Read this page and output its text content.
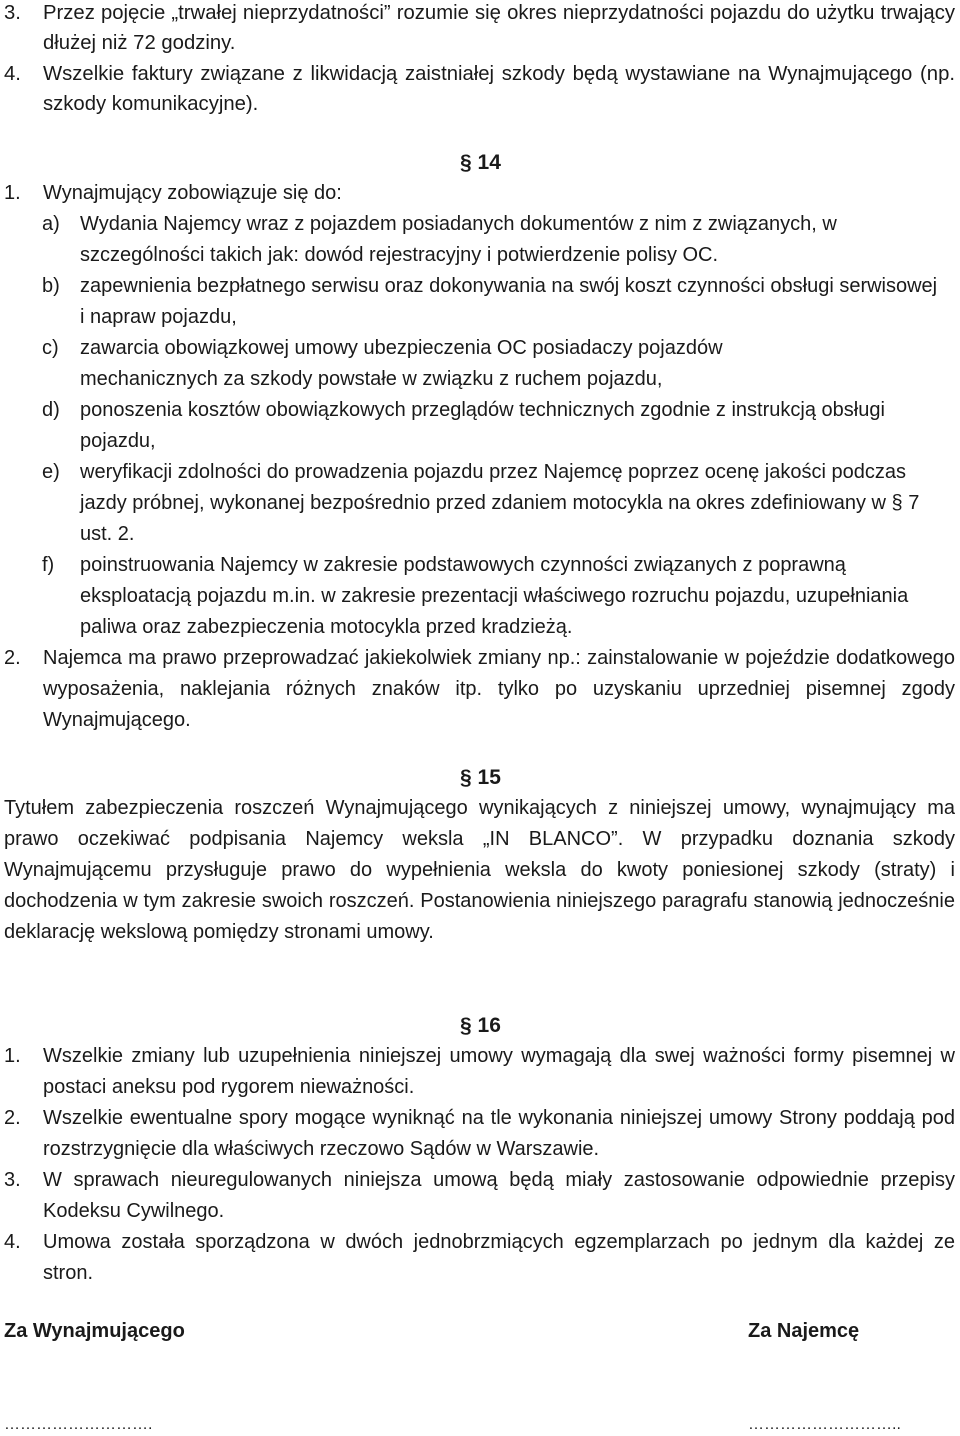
3. Przez pojęcie „trwałej nieprzydatności” rozumie się okres nieprzydatności pojazdu do użytku trwający dłużej niż 72 godziny.
4. Wszelkie faktury związane z likwidacją zaistniałej szkody będą wystawiane na Wynajmującego (np. szkody komunikacyjne).
§ 14
1. Wynajmujący zobowiązuje się do:
a) Wydania Najemcy wraz z pojazdem posiadanych dokumentów z nim z związanych, w szczególności takich jak: dowód rejestracyjny i potwierdzenie polisy OC.
b) zapewnienia bezpłatnego serwisu oraz dokonywania na swój koszt czynności obsługi serwisowej i napraw pojazdu,
c) zawarcia obowiązkowej umowy ubezpieczenia OC posiadaczy pojazdów mechanicznych za szkody powstałe w związku z ruchem pojazdu,
d) ponoszenia kosztów obowiązkowych przeglądów technicznych zgodnie z instrukcją obsługi pojazdu,
e) weryfikacji zdolności do prowadzenia pojazdu przez Najemcę poprzez ocenę jakości podczas jazdy próbnej, wykonanej bezpośrednio przed zdaniem motocykla na okres zdefiniowany w § 7 ust. 2.
f) poinstruowania Najemcy w zakresie podstawowych czynności związanych z poprawną eksploatacją pojazdu m.in. w zakresie prezentacji właściwego rozruchu pojazdu, uzupełniania paliwa oraz zabezpieczenia motocykla przed kradzieżą.
2. Najemca ma prawo przeprowadzać jakiekolwiek zmiany np.: zainstalowanie w pojeździe dodatkowego wyposażenia, naklejania różnych znaków itp. tylko po uzyskaniu uprzedniej pisemnej zgody Wynajmującego.
§ 15
Tytułem zabezpieczenia roszczeń Wynajmującego wynikających z niniejszej umowy, wynajmujący ma prawo oczekiwać podpisania Najemcy weksla „IN BLANCO”. W przypadku doznania szkody Wynajmującemu przysługuje prawo do wypełnienia weksla do kwoty poniesionej szkody (straty) i dochodzenia w tym zakresie swoich roszczeń. Postanowienia niniejszego paragrafu stanowią jednocześnie deklarację wekslową pomiędzy stronami umowy.
§ 16
1. Wszelkie zmiany lub uzupełnienia niniejszej umowy wymagają dla swej ważności formy pisemnej w postaci aneksu pod rygorem nieważności.
2. Wszelkie ewentualne spory mogące wyniknąć na tle wykonania niniejszej umowy Strony poddają pod rozstrzygnięcie dla właściwych rzeczowo Sądów w Warszawie.
3. W sprawach nieuregulowanych niniejsza umową będą miały zastosowanie odpowiednie przepisy Kodeksu Cywilnego.
4. Umowa została sporządzona w dwóch jednobrzmiących egzemplarzach po jednym dla każdej ze stron.
Za Wynajmującego	Za Najemcę
……………………….	………………………..
